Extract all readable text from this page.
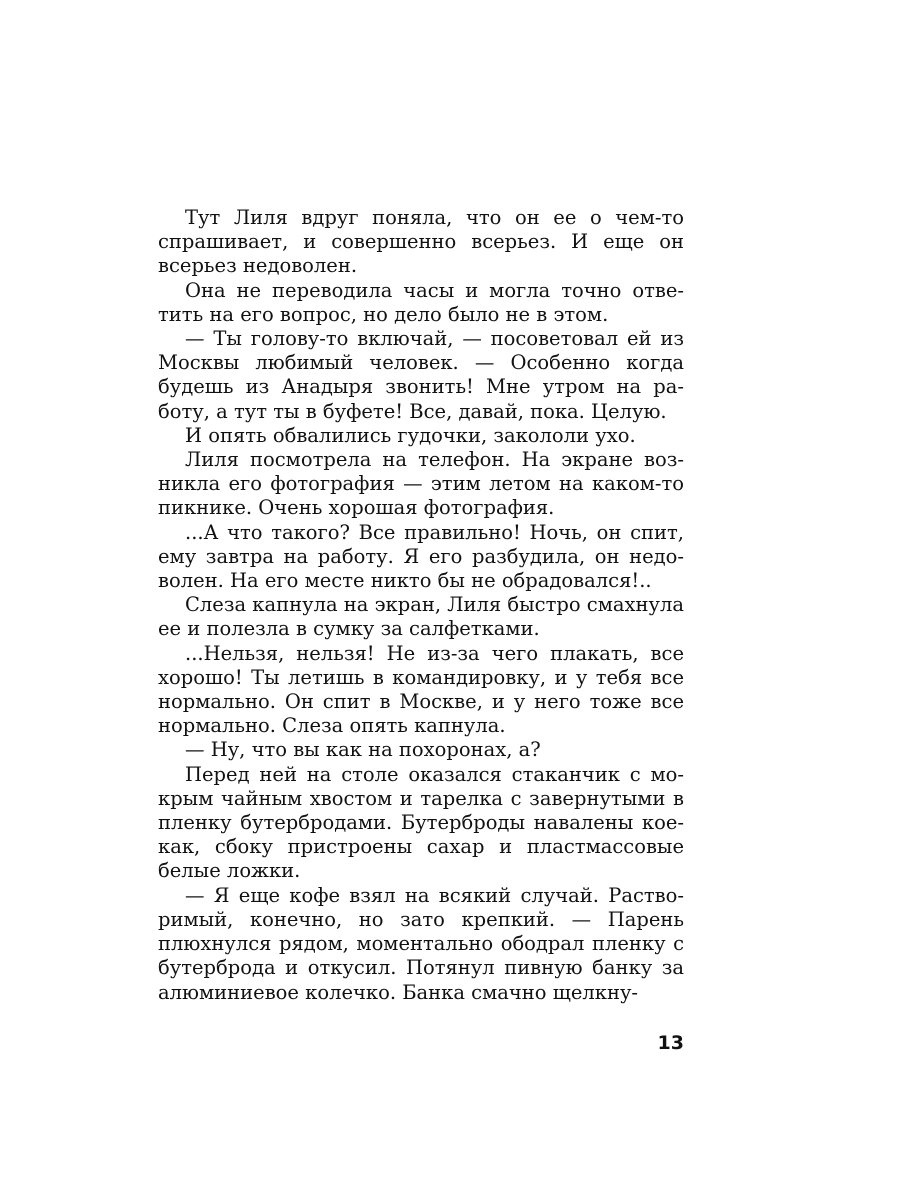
Тут Лиля вдруг поняла, что он ее о чем-то спрашивает, и совершенно всерьез. И еще он всерьез недоволен.

Она не переводила часы и могла точно ответить на его вопрос, но дело было не в этом.

— Ты голову-то включай, — посоветовал ей из Москвы любимый человек. — Особенно когда будешь из Анадыря звонить! Мне утром на работу, а тут ты в буфете! Все, давай, пока. Целую.

И опять обвалились гудочки, закололи ухо.

Лиля посмотрела на телефон. На экране возникла его фотография — этим летом на каком-то пикнике. Очень хорошая фотография.

...А что такого? Все правильно! Ночь, он спит, ему завтра на работу. Я его разбудила, он недоволен. На его месте никто бы не обрадовался!..

Слеза капнула на экран, Лиля быстро смахнула ее и полезла в сумку за салфетками.

...Нельзя, нельзя! Не из-за чего плакать, все хорошо! Ты летишь в командировку, и у тебя все нормально. Он спит в Москве, и у него тоже все нормально. Слеза опять капнула.

— Ну, что вы как на похоронах, а?

Перед ней на столе оказался стаканчик с мокрым чайным хвостом и тарелка с завернутыми в пленку бутербродами. Бутерброды навалены кое-как, сбоку пристроены сахар и пластмассовые белые ложки.

— Я еще кофе взял на всякий случай. Растворимый, конечно, но зато крепкий. — Парень плюхнулся рядом, моментально ободрал пленку с бутерброда и откусил. Потянул пивную банку за алюминиевое колечко. Банка смачно щелкну-

13
